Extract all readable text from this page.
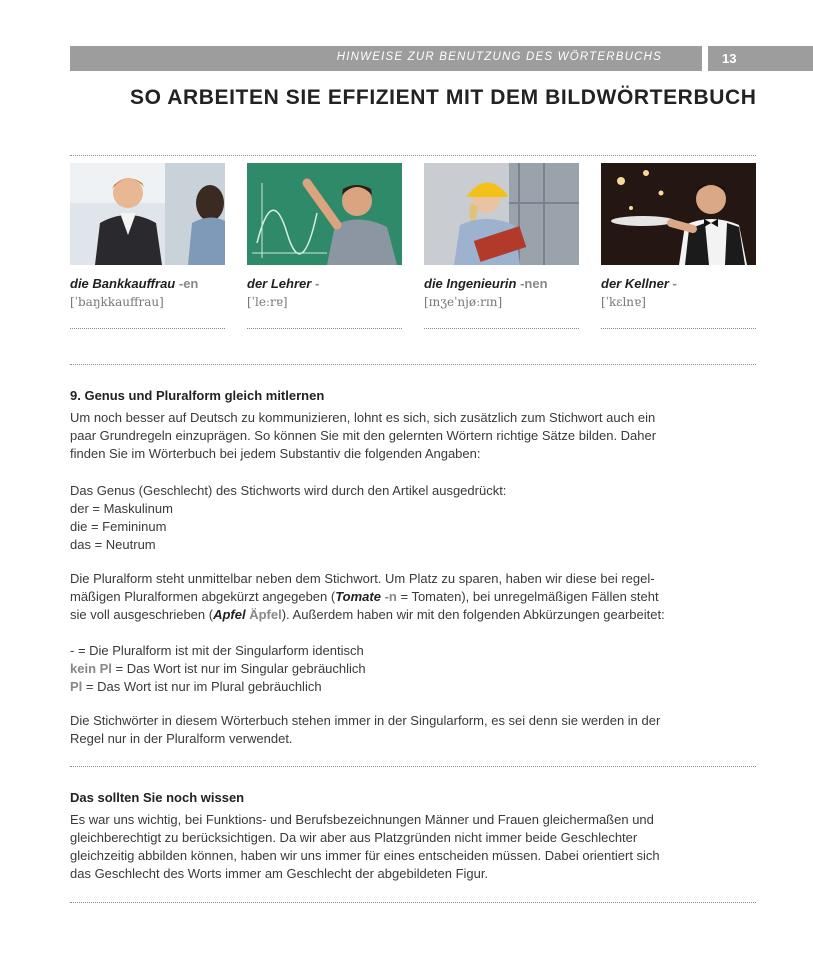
HINWEISE ZUR BENUTZUNG DES WÖRTERBUCHS	13
SO ARBEITEN SIE EFFIZIENT MIT DEM BILDWÖRTERBUCH
die Bankkauffrau -en
[ˈbaŋkkauffrau]
der Lehrer -
[ˈleːrɐ]
die Ingenieurin -nen
[ɪnʒeˈnjøːrɪn]
der Kellner -
[ˈkɛlnɐ]
9. Genus und Pluralform gleich mitlernen

Um noch besser auf Deutsch zu kommunizieren, lohnt es sich, sich zusätzlich zum Stichwort auch ein

paar Grundregeln einzuprägen. So können Sie mit den gelernten Wörtern richtige Sätze bilden. Daher

finden Sie im Wörterbuch bei jedem Substantiv die folgenden Angaben:

Das Genus (Geschlecht) des Stichworts wird durch den Artikel ausgedrückt:

der = Maskulinum

die = Femininum

das = Neutrum

Die Pluralform steht unmittelbar neben dem Stichwort. Um Platz zu sparen, haben wir diese bei regel-

mäßigen Pluralformen abgekürzt angegeben (Tomate -n = Tomaten), bei unregelmäßigen Fällen steht

sie voll ausgeschrieben (Apfel Äpfel). Außerdem haben wir mit den folgenden Abkürzungen gearbeitet:

- = Die Pluralform ist mit der Singularform identisch

kein Pl = Das Wort ist nur im Singular gebräuchlich

Pl = Das Wort ist nur im Plural gebräuchlich

Die Stichwörter in diesem Wörterbuch stehen immer in der Singularform, es sei denn sie werden in der

Regel nur in der Pluralform verwendet.

Das sollten Sie noch wissen

Es war uns wichtig, bei Funktions- und Berufsbezeichnungen Männer und Frauen gleichermaßen und

gleichberechtigt zu berücksichtigen. Da wir aber aus Platzgründen nicht immer beide Geschlechter

gleichzeitig abbilden können, haben wir uns immer für eines entscheiden müssen. Dabei orientiert sich

das Geschlecht des Worts immer am Geschlecht der abgebildeten Figur.
